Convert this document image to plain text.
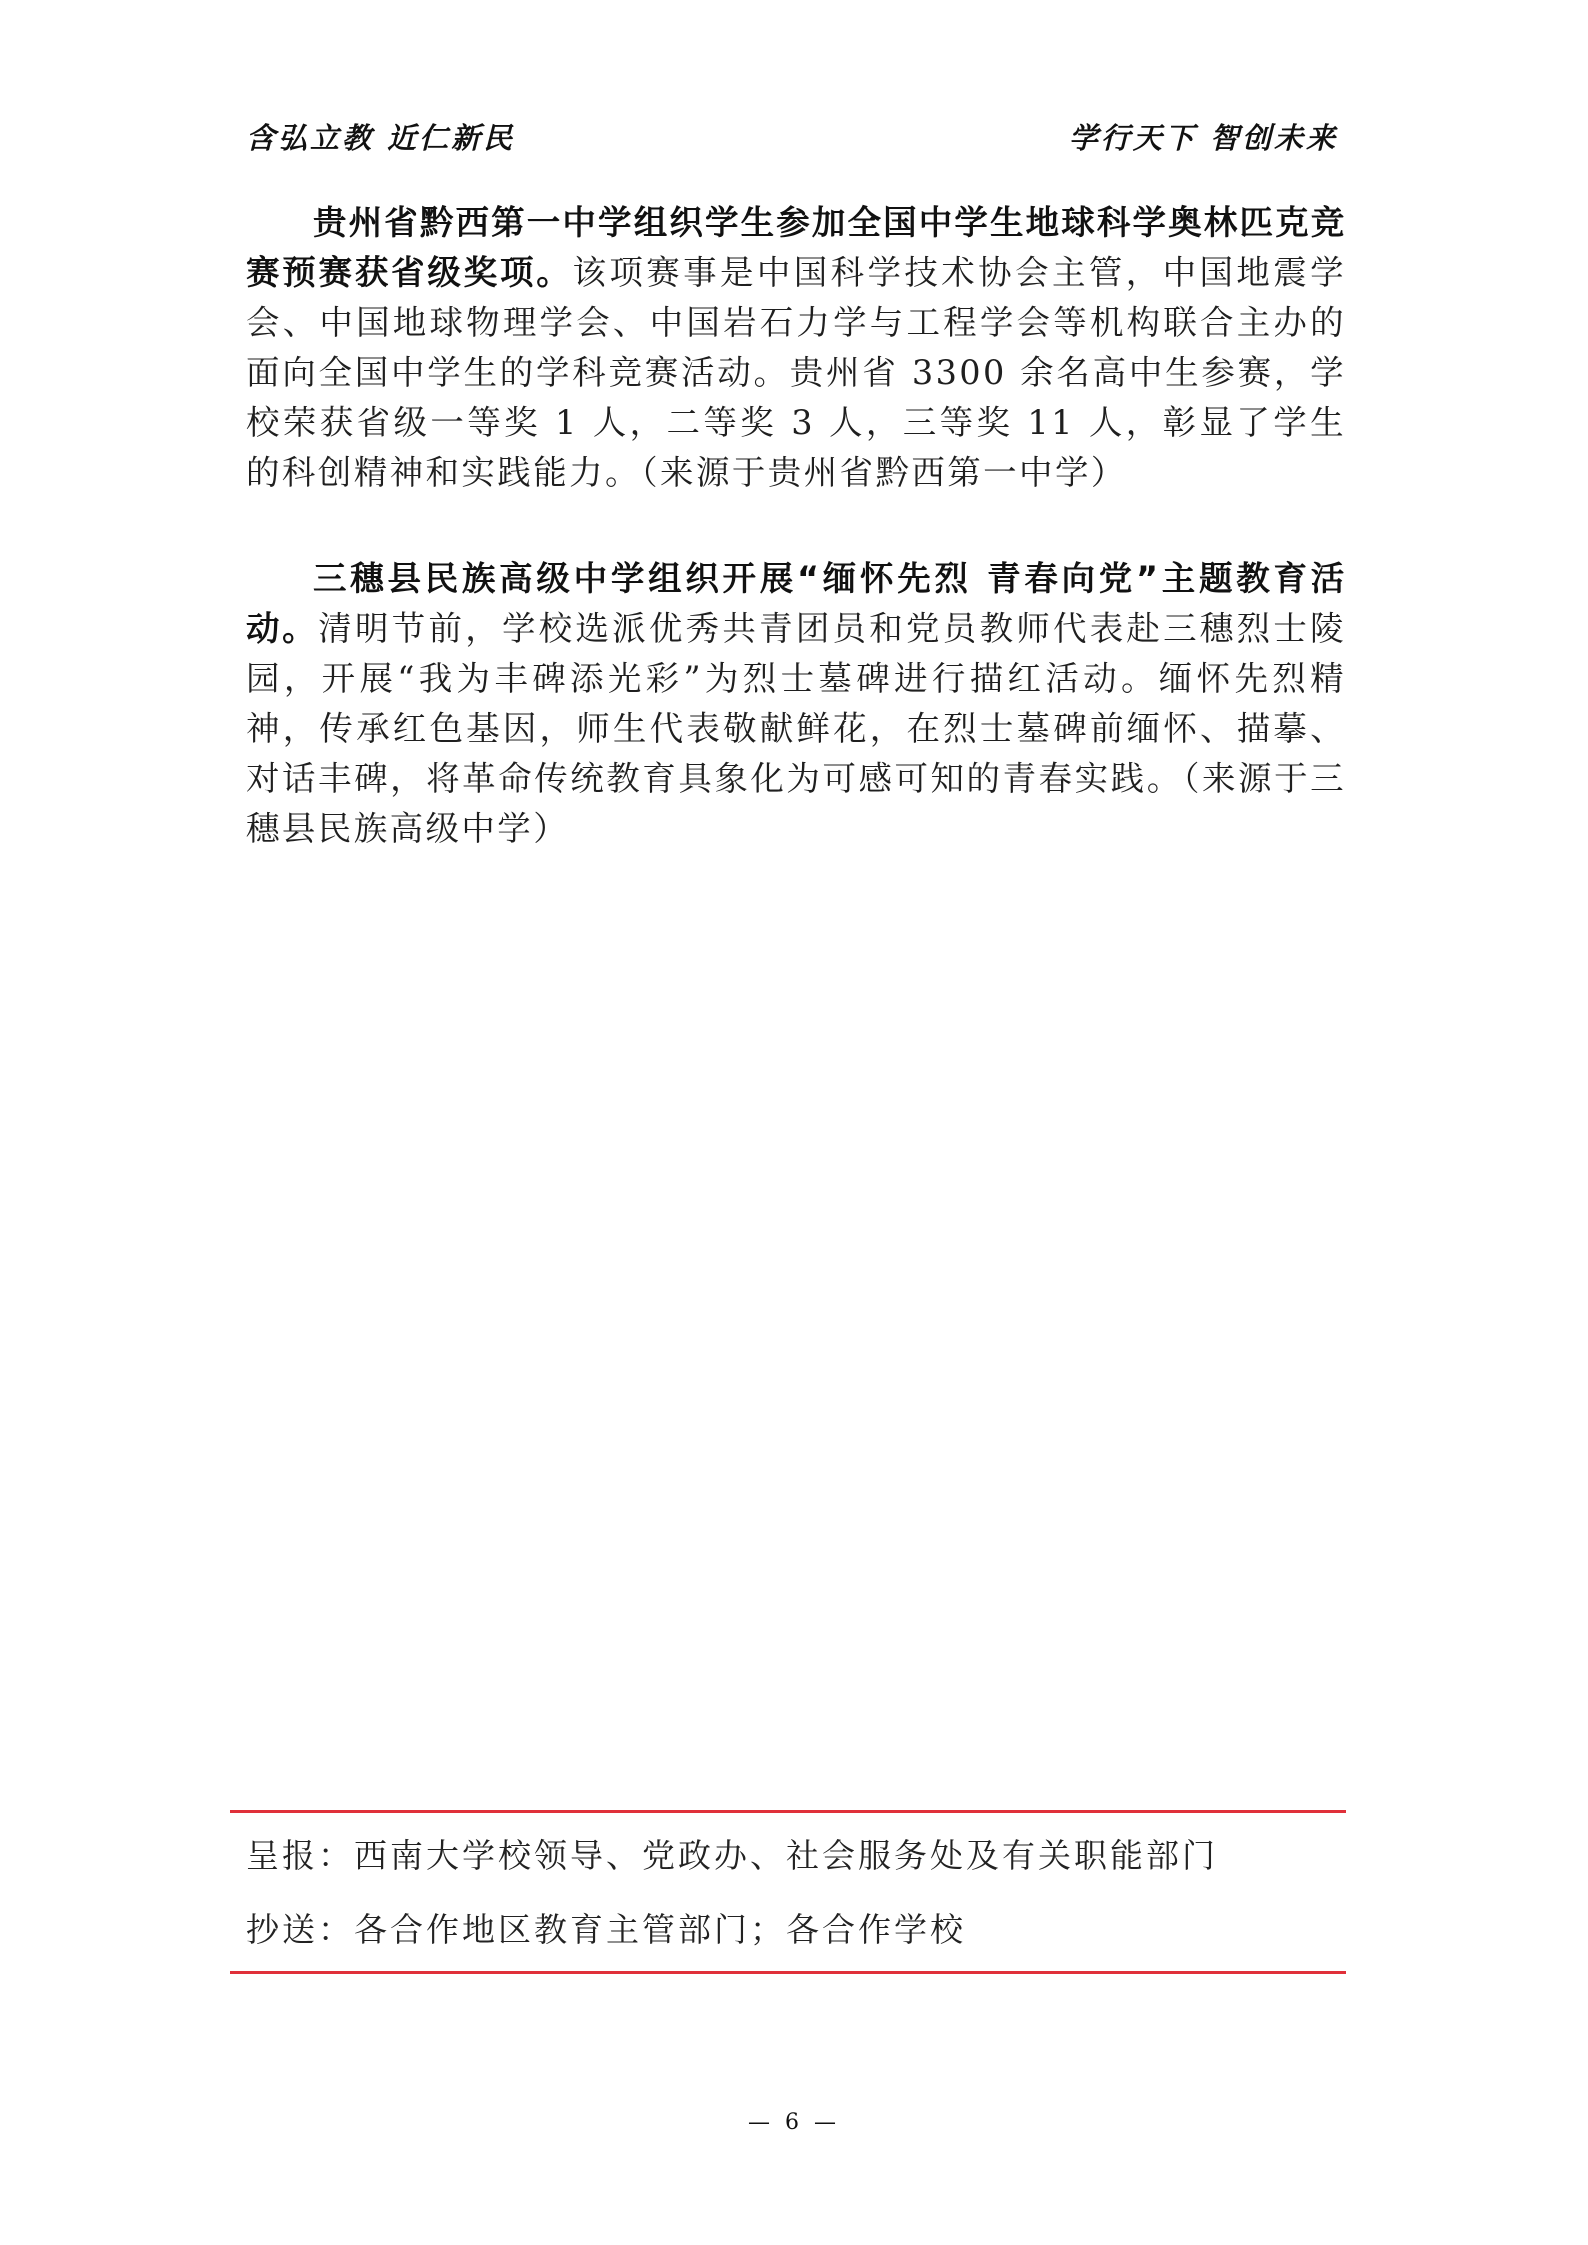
含弘立教 近仁新民	学行天下 智创未来

贵州省黔西第一中学组织学生参加全国中学生地球科学奥林匹克竞赛预赛获省级奖项。该项赛事是中国科学技术协会主管，中国地震学会、中国地球物理学会、中国岩石力学与工程学会等机构联合主办的面向全国中学生的学科竞赛活动。贵州省 3300 余名高中生参赛，学校荣获省级一等奖 1 人，二等奖 3 人，三等奖 11 人，彰显了学生的科创精神和实践能力。（来源于贵州省黔西第一中学）

三穗县民族高级中学组织开展“缅怀先烈 青春向党”主题教育活动。清明节前，学校选派优秀共青团员和党员教师代表赴三穗烈士陵园，开展“我为丰碑添光彩”为烈士墓碑进行描红活动。缅怀先烈精神，传承红色基因，师生代表敬献鲜花，在烈士墓碑前缅怀、描摹、对话丰碑，将革命传统教育具象化为可感可知的青春实践。（来源于三穗县民族高级中学）

呈报：西南大学校领导、党政办、社会服务处及有关职能部门
抄送：各合作地区教育主管部门；各合作学校
— 6 —
